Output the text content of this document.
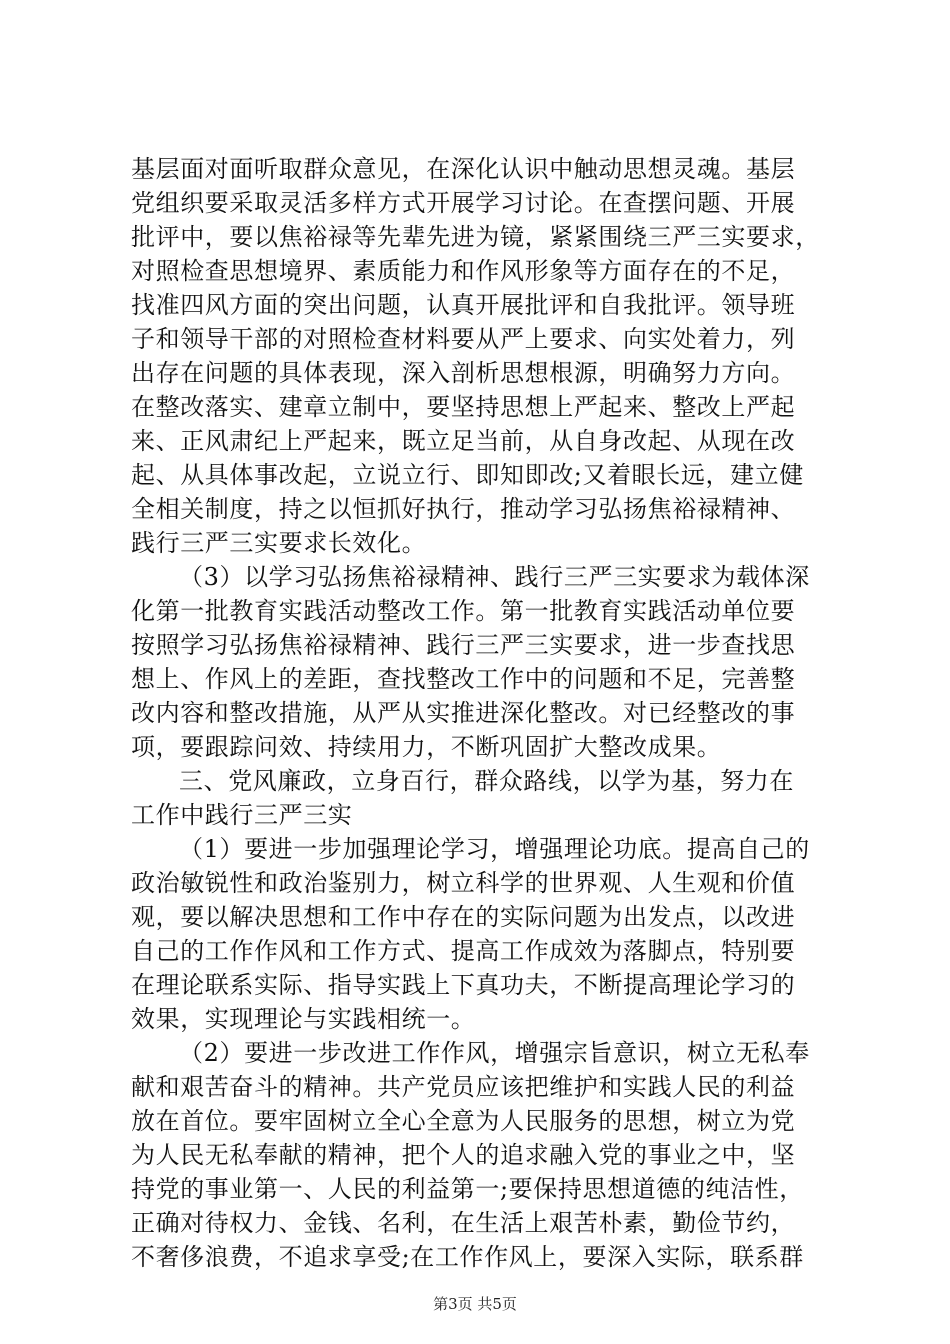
基层面对面听取群众意见，在深化认识中触动思想灵魂。基层
党组织要采取灵活多样方式开展学习讨论。在查摆问题、开展
批评中，要以焦裕禄等先辈先进为镜，紧紧围绕三严三实要求，
对照检查思想境界、素质能力和作风形象等方面存在的不足，
找准四风方面的突出问题，认真开展批评和自我批评。领导班
子和领导干部的对照检查材料要从严上要求、向实处着力，列
出存在问题的具体表现，深入剖析思想根源，明确努力方向。
在整改落实、建章立制中，要坚持思想上严起来、整改上严起
来、正风肃纪上严起来，既立足当前，从自身改起、从现在改
起、从具体事改起，立说立行、即知即改;又着眼长远，建立健
全相关制度，持之以恒抓好执行，推动学习弘扬焦裕禄精神、
践行三严三实要求长效化。
（3）以学习弘扬焦裕禄精神、践行三严三实要求为载体深
化第一批教育实践活动整改工作。第一批教育实践活动单位要
按照学习弘扬焦裕禄精神、践行三严三实要求，进一步查找思
想上、作风上的差距，查找整改工作中的问题和不足，完善整
改内容和整改措施，从严从实推进深化整改。对已经整改的事
项，要跟踪问效、持续用力，不断巩固扩大整改成果。
三、党风廉政，立身百行，群众路线，以学为基，努力在
工作中践行三严三实
（1）要进一步加强理论学习，增强理论功底。提高自己的
政治敏锐性和政治鉴别力，树立科学的世界观、人生观和价值
观，要以解决思想和工作中存在的实际问题为出发点，以改进
自己的工作作风和工作方式、提高工作成效为落脚点，特别要
在理论联系实际、指导实践上下真功夫，不断提高理论学习的
效果，实现理论与实践相统一。
（2）要进一步改进工作作风，增强宗旨意识，树立无私奉
献和艰苦奋斗的精神。共产党员应该把维护和实践人民的利益
放在首位。要牢固树立全心全意为人民服务的思想，树立为党
为人民无私奉献的精神，把个人的追求融入党的事业之中，坚
持党的事业第一、人民的利益第一;要保持思想道德的纯洁性，
正确对待权力、金钱、名利，在生活上艰苦朴素，勤俭节约，
不奢侈浪费，不追求享受;在工作作风上，要深入实际，联系群
第3页 共5页
